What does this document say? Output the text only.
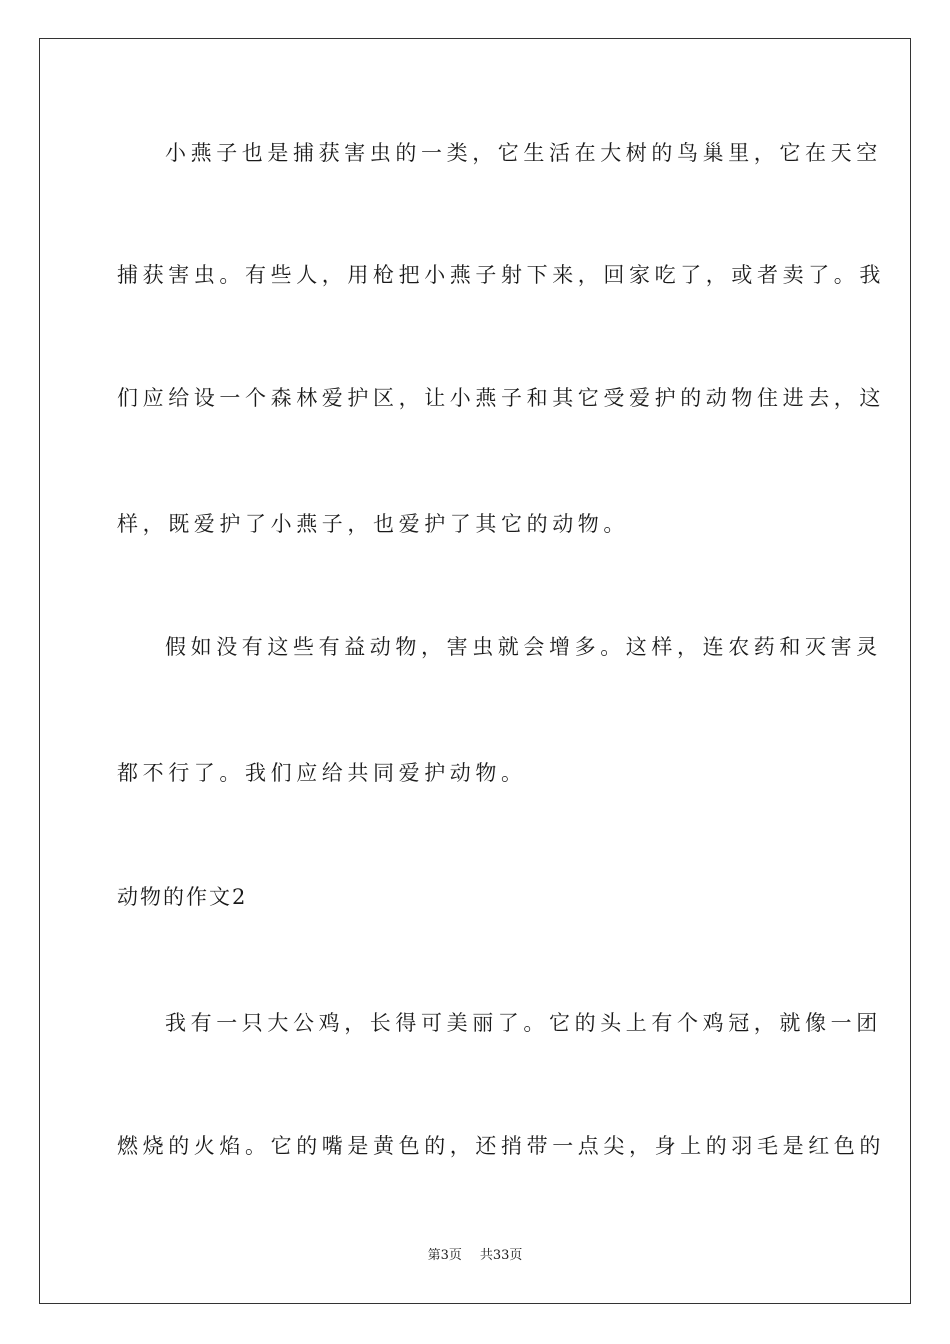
小燕子也是捕获害虫的一类，它生活在大树的鸟巢里，它在天空
捕获害虫。有些人，用枪把小燕子射下来，回家吃了，或者卖了。我
们应给设一个森林爱护区，让小燕子和其它受爱护的动物住进去，这
样，既爱护了小燕子，也爱护了其它的动物。
假如没有这些有益动物，害虫就会增多。这样，连农药和灭害灵
都不行了。我们应给共同爱护动物。
动物的作文2
我有一只大公鸡，长得可美丽了。它的头上有个鸡冠，就像一团
燃烧的火焰。它的嘴是黄色的，还捎带一点尖，身上的羽毛是红色的
第3页 共33页
